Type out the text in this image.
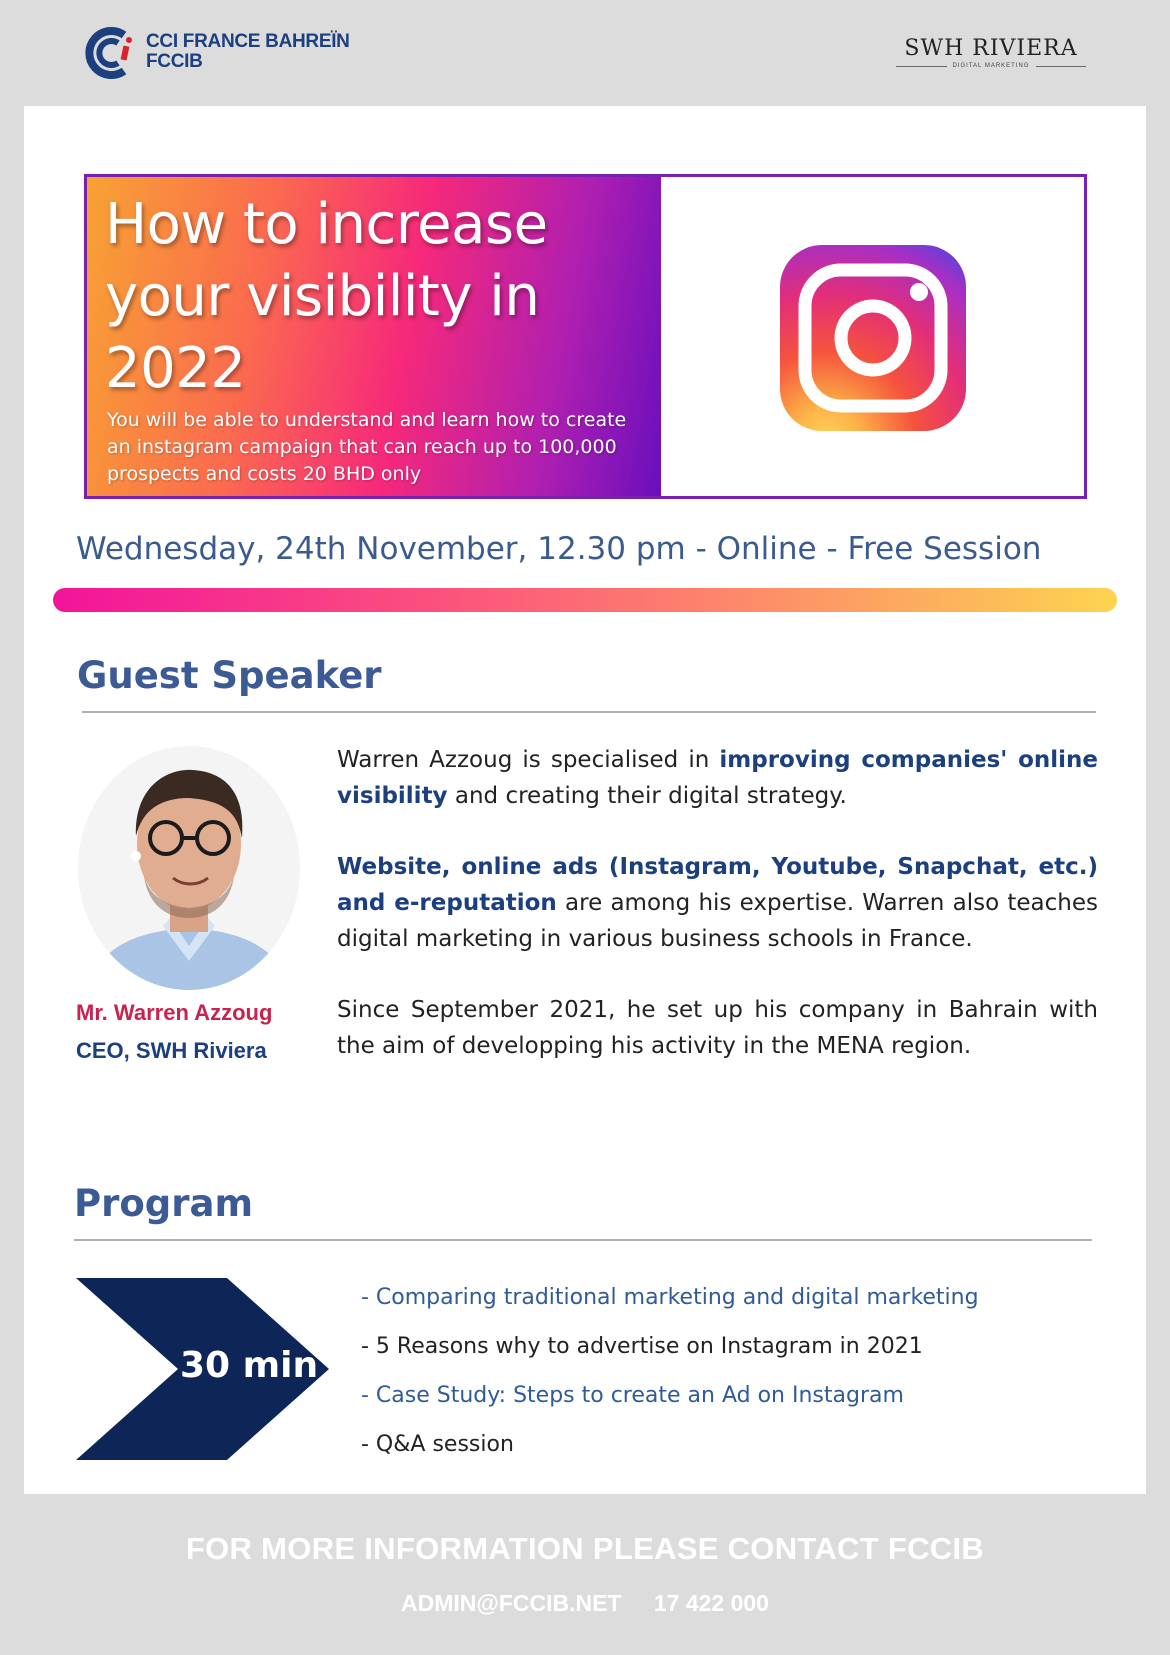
CCI FRANCE BAHREÏN
FCCIB
SWH RIVIERA
DIGITAL MARKETING
How to increase your visibility in 2022
You will be able to understand and learn how to create an instagram campaign that can reach up to 100,000 prospects and costs 20 BHD only
Wednesday, 24th November, 12.30 pm - Online - Free Session
Guest Speaker
Mr. Warren Azzoug
CEO, SWH Riviera

Warren Azzoug is specialised in improving companies' online visibility and creating their digital strategy.

Website, online ads (Instagram, Youtube, Snapchat, etc.) and e-reputation are among his expertise. Warren also teaches digital marketing in various business schools in France.

Since September 2021, he set up his company in Bahrain with the aim of developping his activity in the MENA region.

Program
30 min
- Comparing traditional marketing and digital marketing
- 5 Reasons why to advertise on Instagram in 2021
- Case Study: Steps to create an Ad on Instagram
- Q&A session
FOR MORE INFORMATION PLEASE CONTACT FCCIB
ADMIN@FCCIB.NET 17 422 000
